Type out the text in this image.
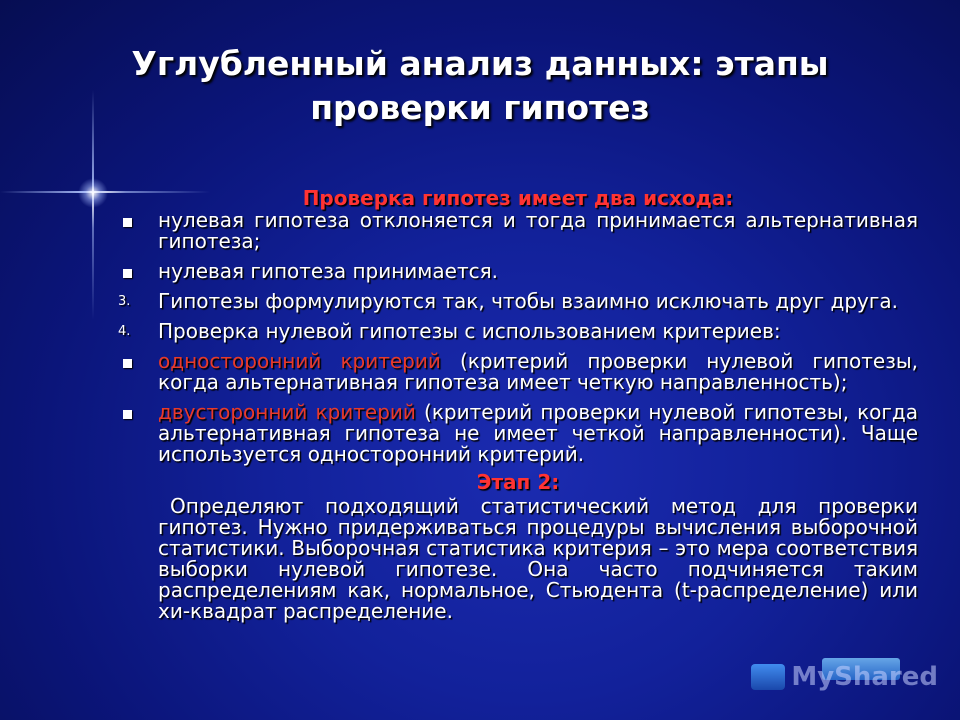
Углубленный анализ данных: этапы
проверки гипотез
Проверка гипотез имеет два исхода:
нулевая гипотеза отклоняется и тогда принимается альтернативная гипотеза;
нулевая гипотеза принимается.
3.	Гипотезы формулируются так, чтобы взаимно исключать друг друга.
4.	Проверка нулевой гипотезы с использованием критериев:
односторонний критерий (критерий проверки нулевой гипотезы, когда альтернативная гипотеза имеет четкую направленность);
двусторонний критерий (критерий проверки нулевой гипотезы, когда альтернативная гипотеза не имеет четкой направленности). Чаще используется односторонний критерий.
Этап 2:
Определяют подходящий статистический метод для проверки гипотез. Нужно придерживаться процедуры вычисления выборочной статистики. Выборочная статистика критерия – это мера соответствия выборки нулевой гипотезе. Она часто подчиняется таким распределениям как, нормальное, Стьюдента (t-распределение) или хи-квадрат распределение.
MyShared
